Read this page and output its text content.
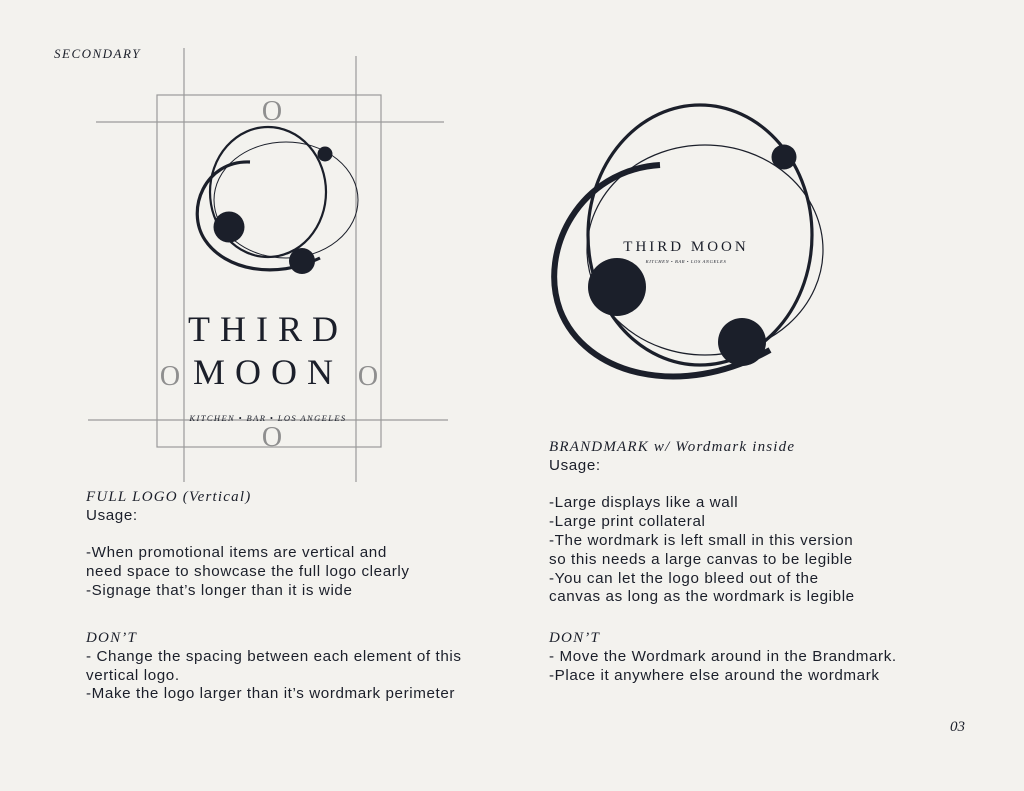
SECONDARY
O
O	O
O
THIRD
MOON
KITCHEN • BAR • LOS ANGELES
THIRD MOON
KITCHEN • BAR • LOS ANGELES

FULL LOGO (Vertical)

Usage:

-When promotional items are vertical and

need space to showcase the full logo clearly

-Signage that’s longer than it is wide

DON’T

- Change the spacing between each element of this

vertical logo.

-Make the logo larger than it’s wordmark perimeter

BRANDMARK w/ Wordmark inside

Usage:

-Large displays like a wall

-Large print collateral

-The wordmark is left small in this version

so this needs a large canvas to be legible

-You can let the logo bleed out of the

canvas as long as the wordmark is legible

DON’T

- Move the Wordmark around in the Brandmark.

-Place it anywhere else around the wordmark

03
